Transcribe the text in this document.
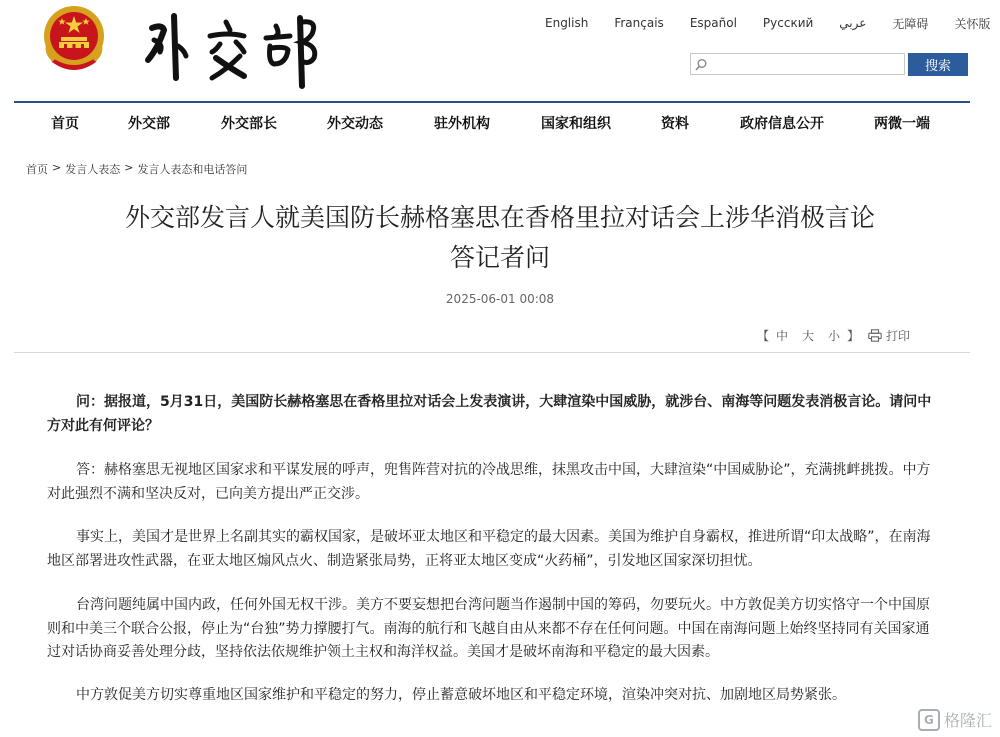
English Français Español Русский عربي 无障碍 关怀版
搜索
首页	外交部	外交部长	外交动态	驻外机构	国家和组织	资料	政府信息公开	两微一端
首页 > 发言人表态 > 发言人表态和电话答问
外交部发言人就美国防长赫格塞思在香格里拉对话会上涉华消极言论
答记者问
2025-06-01 00:08
【 中 大 小 】 打印

问：据报道，5月31日，美国防长赫格塞思在香格里拉对话会上发表演讲，大肆渲染中国威胁，就涉台、南海等问题发表消极言论。请问中方对此有何评论？

答：赫格塞思无视地区国家求和平谋发展的呼声，兜售阵营对抗的冷战思维，抹黑攻击中国，大肆渲染“中国威胁论”，充满挑衅挑拨。中方对此强烈不满和坚决反对，已向美方提出严正交涉。

事实上，美国才是世界上名副其实的霸权国家，是破坏亚太地区和平稳定的最大因素。美国为维护自身霸权，推进所谓“印太战略”，在南海地区部署进攻性武器，在亚太地区煽风点火、制造紧张局势，正将亚太地区变成“火药桶”，引发地区国家深切担忧。

台湾问题纯属中国内政，任何外国无权干涉。美方不要妄想把台湾问题当作遏制中国的筹码，勿要玩火。中方敦促美方切实恪守一个中国原则和中美三个联合公报，停止为“台独”势力撑腰打气。南海的航行和飞越自由从来都不存在任何问题。中国在南海问题上始终坚持同有关国家通过对话协商妥善处理分歧，坚持依法依规维护领土主权和海洋权益。美国才是破坏南海和平稳定的最大因素。

中方敦促美方切实尊重地区国家维护和平稳定的努力，停止蓄意破坏地区和平稳定环境，渲染冲突对抗、加剧地区局势紧张。

G 格隆汇
